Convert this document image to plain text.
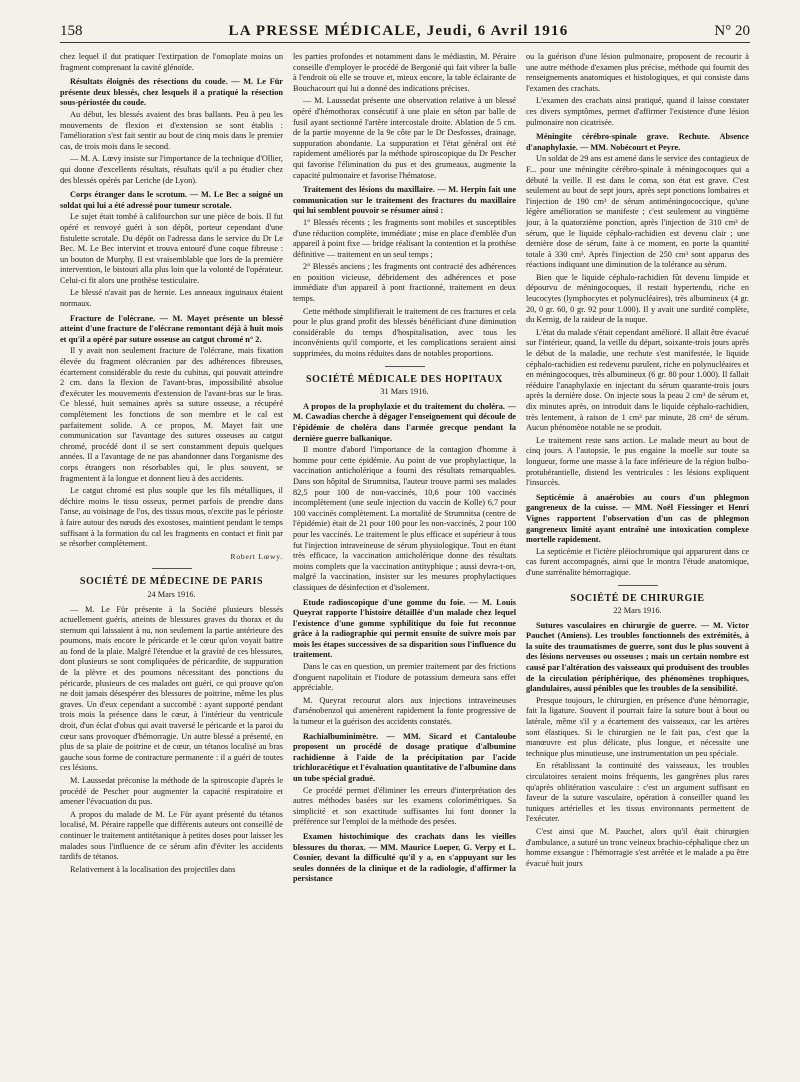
158	LA PRESSE MÉDICALE, Jeudi, 6 Avril 1916	N° 20

chez lequel il dut pratiquer l'extirpation de l'omoplate moins un fragment comprenant la cavité glénoïde.

Résultats éloignés des résections du coude. — M. Le Für présente deux blessés, chez lesquels il a pratiqué la résection sous-périostée du coude.

Au début, les blessés avaient des bras ballants. Peu à peu les mouvements de flexion et d'extension se sont établis : l'amélioration s'est fait sentir au bout de cinq mois dans le premier cas, de trois mois dans le second.

— M. A. Lœvy insiste sur l'importance de la technique d'Ollier, qui donne d'excellents résultats, résultats qu'il a pu étudier chez des blessés opérés par Leriche (de Lyon).

Corps étranger dans le scrotum. — M. Le Bec a soigné un soldat qui lui a été adressé pour tumeur scrotale.

Le sujet était tombé à califourchon sur une pièce de bois. Il fut opéré et renvoyé guéri à son dépôt, porteur cependant d'une fistulette scrotale. Du dépôt on l'adressa dans le service du Dr Le Bec. M. Le Bec intervint et trouva entouré d'une coque fibreuse : un bouton de Murphy. Il est vraisemblable que lors de la première intervention, le bistouri alla plus loin que la volonté de l'opérateur. Celui-ci fit alors une prothèse testiculaire.

Le blessé n'avait pas de hernie. Les anneaux inguinaux étaient normaux.

Fracture de l'olécrane. — M. Mayet présente un blessé atteint d'une fracture de l'olécrane remontant déjà à huit mois et qu'il a opéré par suture osseuse au catgut chromé n° 2.

Il y avait non seulement fracture de l'olécrane, mais fixation élevée du fragment olécranien par des adhérences fibreuses, écartement considérable du reste du cubitus, qui pouvait atteindre 2 cm. dans la flexion de l'avant-bras, impossibilité absolue d'exécuter les mouvements d'extension de l'avant-bras sur le bras. Ce blessé, huit semaines après sa suture osseuse, a récupéré complètement les fonctions de son membre et le cal est parfaitement solide. A ce propos, M. Mayet fait une communication sur l'avantage des sutures osseuses au catgut chromé, procédé dont il se sert constamment depuis quelques années. Il a l'avantage de ne pas abandonner dans l'organisme des corps étrangers non résorbables qui, le plus souvent, se fragmentent à la longue et donnent lieu à des accidents.

Le catgut chromé est plus souple que les fils métalliques, il déchire moins le tissu osseux, permet parfois de prendre dans l'anse, au voisinage de l'os, des tissus mous, n'excite pas le périoste à faire autour des nœuds des exostoses, maintient pendant le temps suffisant à la formation du cal les fragments en contact et finit par se résorber complètement.

Robert Lœwy.
SOCIÉTÉ DE MÉDECINE DE PARIS
24 Mars 1916.

— M. Le Für présente à la Société plusieurs blessés actuellement guéris, atteints de blessures graves du thorax et du sternum qui laissaient à nu, non seulement la partie antérieure des poumons, mais encore le péricarde et le cœur qu'on voyait battre au fond de la plaie. Malgré l'étendue et la gravité de ces blessures, dont plusieurs se sont compliquées de péricardite, de suppuration de la plèvre et des poumons nécessitant des ponctions du péricarde, plusieurs de ces malades ont guéri, ce qui prouve qu'on ne doit jamais désespérer des blessures de poitrine, même les plus graves. Un d'eux cependant a succombé : ayant supporté pendant trois mois la présence dans le cœur, à l'intérieur du ventricule droit, d'un éclat d'obus qui avait traversé le péricarde et la paroi du cœur sans provoquer d'hémorragie. Un autre blessé a présenté, en plus de sa plaie de poitrine et de cœur, un tétanos localisé au bras gauche sous forme de contracture permanente : il a guéri de toutes ces lésions.

M. Laussedat préconise la méthode de la spiroscopie d'après le procédé de Pescher pour augmenter la capacité respiratoire et amener l'évacuation du pus.

A propos du malade de M. Le Für ayant présenté du tétanos localisé, M. Péraire rappelle que différents auteurs ont conseillé de continuer le traitement antitétanique à petites doses pour laisser les malades sous l'influence de ce sérum afin d'éviter les accidents tardifs de tétanos.

Relativement à la localisation des projectiles dans

les parties profondes et notamment dans le médiastin, M. Péraire conseille d'employer le procédé de Bergonié qui fait vibrer la balle à l'endroit où elle se trouve et, mieux encore, la table éclairante de Bouchacourt qui lui a donné des indications précises.

— M. Laussedat présente une observation relative à un blessé opéré d'hémothorax consécutif à une plaie en séton par balle de fusil ayant sectionné l'artère intercostale droite. Ablation de 5 cm. de la partie moyenne de la 9e côte par le Dr Desfosses, drainage, suppuration abondante. La suppuration et l'état général ont été rapidement améliorés par la méthode spiroscopique du Dr Pescher qui favorise l'élimination du pus et des grumeaux, augmente la capacité pulmonaire et favorise l'hématose.

Traitement des lésions du maxillaire. — M. Herpin fait une communication sur le traitement des fractures du maxillaire qui lui semblent pouvoir se résumer ainsi :

1° Blessés récents ; les fragments sont mobiles et susceptibles d'une réduction complète, immédiate ; mise en place d'emblée d'un appareil à point fixe — bridge réalisant la contention et la prothèse définitive — traitement en un seul temps ;

2° Blessés anciens ; les fragments ont contracté des adhérences en position vicieuse, débridement des adhérences et pose immédiate d'un appareil à pont fractionné, traitement en deux temps.

Cette méthode simplifierait le traitement de ces fractures et cela pour le plus grand profit des blessés bénéficiant d'une diminution considérable du temps d'hospitalisation, avec tous les inconvénients qu'il comporte, et les complications seraient ainsi supprimées, du moins réduites dans de notables proportions.

SOCIÉTÉ MÉDICALE DES HOPITAUX
31 Mars 1916.
A propos de la prophylaxie et du traitement du choléra. — M. Cawadias cherche à dégager l'enseignement qui découle de l'épidémie de choléra dans l'armée grecque pendant la dernière guerre balkanique.

Il montre d'abord l'importance de la contagion d'homme à homme pour cette épidémie. Au point de vue prophylactique, la vaccination anticholérique a fourni des résultats remarquables. Dans son hôpital de Strumnitsa, l'auteur trouve parmi ses malades 82,5 pour 100 de non-vaccinés, 10,6 pour 100 vaccinés incomplètement (une seule injection du vaccin de Kolle) 6,7 pour 100 vaccinés complètement. La mortalité de Strumnitsa (centre de l'épidémie) était de 21 pour 100 pour les non-vaccinés, 2 pour 100 pour les vaccinés. Le traitement le plus efficace et supérieur à tous fut l'injection intraveineuse de sérum physiologique. Tout en étant très efficace, la vaccination anticholérique donne des résultats moins complets que la vaccination antityphique ; aussi devra-t-on, malgré la vaccination, insister sur les mesures prophylactiques classiques de désinfection et d'isolement.

Etude radioscopique d'une gomme du foie. — M. Louis Queyrat rapporte l'histoire détaillée d'un malade chez lequel l'existence d'une gomme syphilitique du foie fut reconnue grâce à la radiographie qui permit ensuite de suivre mois par mois les étapes successives de sa disparition sous l'influence du traitement.

Dans le cas en question, un premier traitement par des frictions d'onguent napolitain et l'iodure de potassium demeura sans effet appréciable.

M. Queyrat recourut alors aux injections intraveineuses d'arsénobenzol qui amenèrent rapidement la fonte progressive de la tumeur et la guérison des accidents constatés.

Rachialbuminimètre. — MM. Sicard et Cantaloube proposent un procédé de dosage pratique d'albumine rachidienne à l'aide de la précipitation par l'acide trichloracétique et l'évaluation quantitative de l'albumine dans un tube spécial gradué.

Ce procédé permet d'éliminer les erreurs d'interprétation des autres méthodes basées sur les examens colorimétriques. Sa simplicité et son exactitude suffisantes lui font donner la préférence sur l'emploi de la méthode des pesées.

Examen histochimique des crachats dans les vieilles blessures du thorax. — MM. Maurice Loeper, G. Verpy et L. Cosnier, devant la difficulté qu'il y a, en s'appuyant sur les seules données de la clinique et de la radiologie, d'affirmer la persistance

ou la guérison d'une lésion pulmonaire, proposent de recourir à une autre méthode d'examen plus précise, méthode qui fournit des renseignements anatomiques et histologiques, et qui consiste dans l'examen des crachats.

L'examen des crachats ainsi pratiqué, quand il laisse constater ces divers symptômes, permet d'affirmer l'existence d'une lésion pulmonaire non cicatrisée.

Méningite cérébro-spinale grave. Rechute. Absence d'anaphylaxie. — MM. Nobécourt et Peyre.

Un soldat de 29 ans est amené dans le service des contagieux de F... pour une méningite cérébro-spinale à méningocoques qui a débuté la veille. Il est dans le coma, son état est grave. C'est seulement au bout de sept jours, après sept ponctions lombaires et l'injection de 190 cm³ de sérum antiméningococcique, qu'une légère amélioration se manifeste ; c'est seulement au vingtième jour, à la quatorzième ponction, après l'injection de 310 cm³ de sérum, que le liquide céphalo-rachidien est devenu clair ; une dernière dose de sérum, faite à ce moment, en porte la quantité totale à 330 cm³. Après l'injection de 250 cm³ sont apparus des réactions indiquant une diminution de la tolérance au sérum.

Bien que le liquide céphalo-rachidien fût devenu limpide et dépourvu de méningocoques, il restait hypertendu, riche en leucocytes (lymphocytes et polynucléaires), très albumineux (4 gr. 20, 0 gr. 60, 0 gr. 92 pour 1.000). Il y avait une surdité complète, du Kernig, de la raideur de la nuque.

L'état du malade s'était cependant amélioré. Il allait être évacué sur l'intérieur, quand, la veille du départ, soixante-trois jours après le début de la maladie, une rechute s'est manifestée, le liquide céphalo-rachidien est redevenu purulent, riche en polynucléaires et en méningocoques, très albumineux (6 gr. 80 pour 1.000). Il fallait rééduire l'anaphylaxie en injectant du sérum quarante-trois jours après la dernière dose. On injecte sous la peau 2 cm³ de sérum et, dix minutes après, on introduit dans le liquide céphalo-rachidien, très lentement, à raison de 1 cm³ par minute, 28 cm³ de sérum. Aucun phénomène notable ne se produit.

Le traitement reste sans action. Le malade meurt au bout de cinq jours. A l'autopsie, le pus engaine la moelle sur toute sa longueur, forme une masse à la face inférieure de la région bulbo-protubérantielle, distend les ventricules : les lésions expliquent l'insuccès.

Septicémie à anaérobies au cours d'un phlegmon gangreneux de la cuisse. — MM. Noël Fiessinger et Henri Vignes rapportent l'observation d'un cas de phlegmon gangreneux limité ayant entraîné une intoxication complexe mortelle rapidement.

La septicémie et l'ictère pléiochromique qui apparurent dans ce cas furent accompagnés, ainsi que le montra l'étude anatomique, d'une surrénalite hémorragique.

SOCIÉTÉ DE CHIRURGIE
22 Mars 1916.
Sutures vasculaires en chirurgie de guerre. — M. Victor Pauchet (Amiens). Les troubles fonctionnels des extrémités, à la suite des traumatismes de guerre, sont dus le plus souvent à des lésions nerveuses ou osseuses ; mais un certain nombre est causé par l'altération des vaisseaux qui produisent des troubles de la circulation périphérique, des phénomènes trophiques, glandulaires, aussi pénibles que les troubles de la sensibilité.

Presque toujours, le chirurgien, en présence d'une hémorragie, fait la ligature. Souvent il pourrait faire la suture bout à bout ou latérale, même s'il y a écartement des vaisseaux, car les artères sont élastiques. Si le chirurgien ne le fait pas, c'est que la manœuvre est plus délicate, plus longue, et nécessite une technique plus minutieuse, une instrumentation un peu spéciale.

En rétablissant la continuité des vaisseaux, les troubles circulatoires seraient moins fréquents, les gangrènes plus rares qu'après oblitération vasculaire : c'est un argument suffisant en faveur de la suture vasculaire, opération à conseiller quand les tuniques artérielles et les tissus environnants permettent de l'exécuter.

C'est ainsi que M. Pauchet, alors qu'il était chirurgien d'ambulance, a suturé un tronc veineux brachio-céphalique chez un homme exsangue : l'hémorragie s'est arrêtée et le malade a pu être évacué huit jours
